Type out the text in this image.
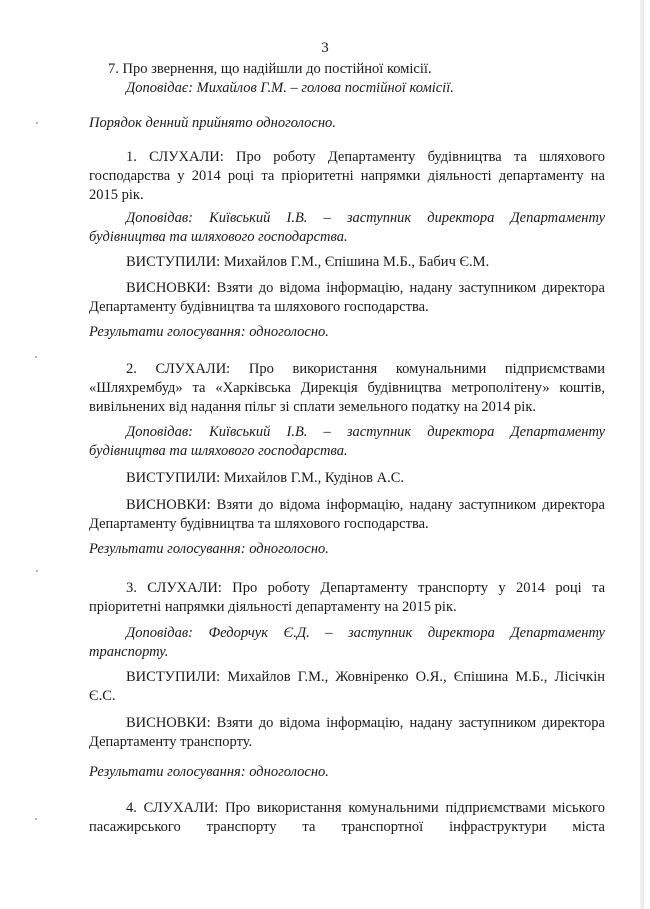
3
7. Про звернення, що надійшли до постійної комісії.
Доповідає: Михайлов Г.М. – голова постійної комісії.
Порядок денний прийнято одноголосно.
1. СЛУХАЛИ: Про роботу Департаменту будівництва та шляхового господарства у 2014 році та пріоритетні напрямки діяльності департаменту на 2015 рік.
Доповідав: Київський І.В. – заступник директора Департаменту будівництва та шляхового господарства.
ВИСТУПИЛИ: Михайлов Г.М., Єпішина М.Б., Бабич Є.М.
ВИСНОВКИ: Взяти до відома інформацію, надану заступником директора Департаменту будівництва та шляхового господарства.
Результати голосування: одноголосно.
2. СЛУХАЛИ: Про використання комунальними підприємствами «Шляхрембуд» та «Харківська Дирекція будівництва метрополітену» коштів, вивільнених від надання пільг зі сплати земельного податку на 2014 рік.
Доповідав: Київський І.В. – заступник директора Департаменту будівництва та шляхового господарства.
ВИСТУПИЛИ: Михайлов Г.М., Кудінов А.С.
ВИСНОВКИ: Взяти до відома інформацію, надану заступником директора Департаменту будівництва та шляхового господарства.
Результати голосування: одноголосно.
3. СЛУХАЛИ: Про роботу Департаменту транспорту у 2014 році та пріоритетні напрямки діяльності департаменту на 2015 рік.
Доповідав: Федорчук Є.Д. – заступник директора Департаменту транспорту.
ВИСТУПИЛИ: Михайлов Г.М., Жовніренко О.Я., Єпішина М.Б., Лісічкін Є.С.
ВИСНОВКИ: Взяти до відома інформацію, надану заступником директора Департаменту транспорту.
Результати голосування: одноголосно.
4. СЛУХАЛИ: Про використання комунальними підприємствами міського пасажирського транспорту та транспортної інфраструктури міста
